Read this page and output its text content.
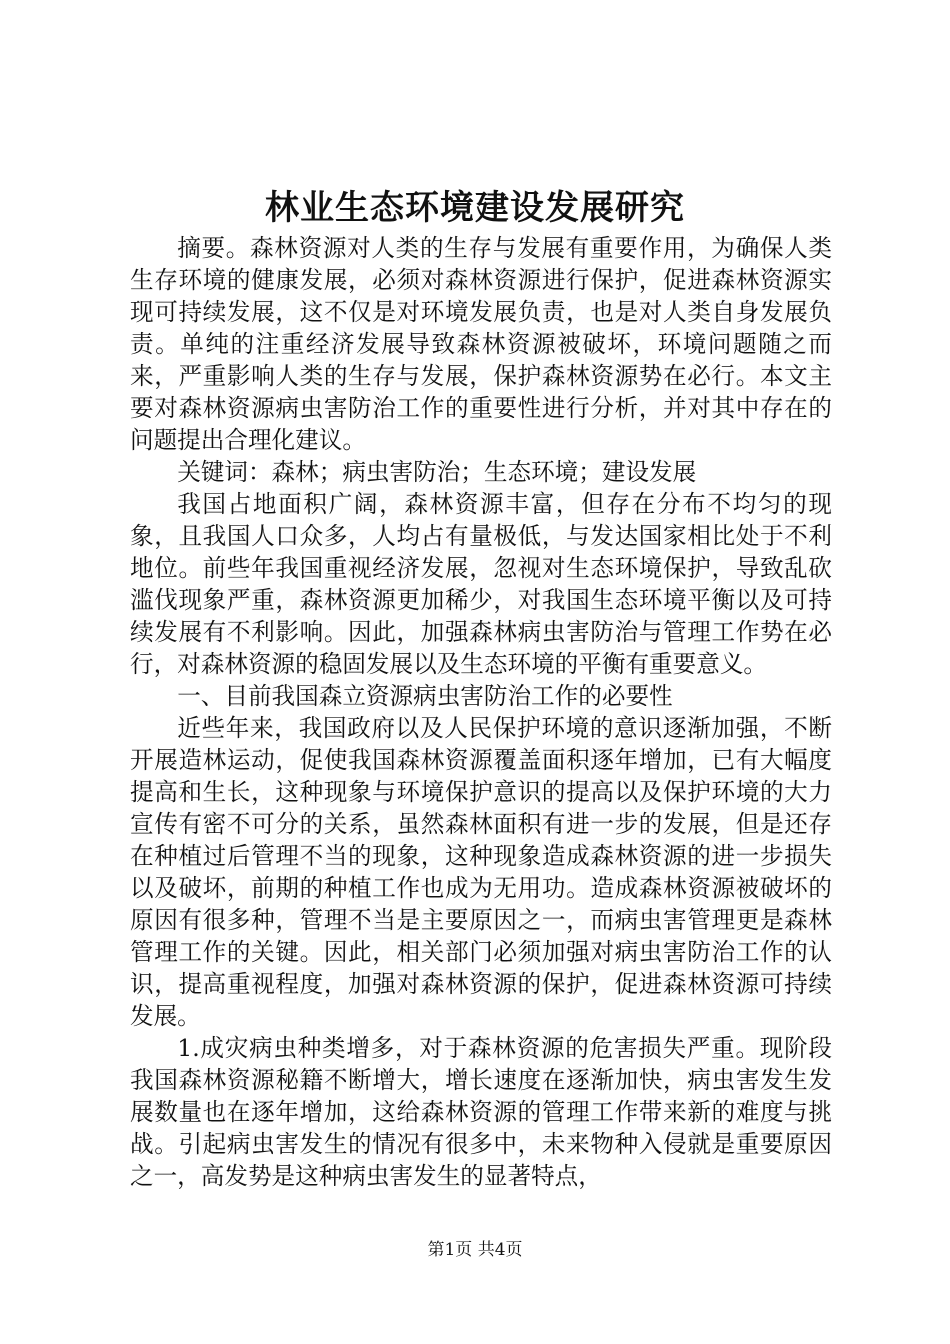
林业生态环境建设发展研究

摘要。森林资源对人类的生存与发展有重要作用，为确保人类生存环境的健康发展，必须对森林资源进行保护，促进森林资源实现可持续发展，这不仅是对环境发展负责，也是对人类自身发展负责。单纯的注重经济发展导致森林资源被破坏，环境问题随之而来，严重影响人类的生存与发展，保护森林资源势在必行。本文主要对森林资源病虫害防治工作的重要性进行分析，并对其中存在的问题提出合理化建议。

关键词：森林；病虫害防治；生态环境；建设发展

我国占地面积广阔，森林资源丰富，但存在分布不均匀的现象，且我国人口众多，人均占有量极低，与发达国家相比处于不利地位。前些年我国重视经济发展，忽视对生态环境保护，导致乱砍滥伐现象严重，森林资源更加稀少，对我国生态环境平衡以及可持续发展有不利影响。因此，加强森林病虫害防治与管理工作势在必行，对森林资源的稳固发展以及生态环境的平衡有重要意义。

一、目前我国森立资源病虫害防治工作的必要性

近些年来，我国政府以及人民保护环境的意识逐渐加强，不断开展造林运动，促使我国森林资源覆盖面积逐年增加，已有大幅度提高和生长，这种现象与环境保护意识的提高以及保护环境的大力宣传有密不可分的关系，虽然森林面积有进一步的发展，但是还存在种植过后管理不当的现象，这种现象造成森林资源的进一步损失以及破坏，前期的种植工作也成为无用功。造成森林资源被破坏的原因有很多种，管理不当是主要原因之一，而病虫害管理更是森林管理工作的关键。因此，相关部门必须加强对病虫害防治工作的认识，提高重视程度，加强对森林资源的保护，促进森林资源可持续发展。

1.成灾病虫种类增多，对于森林资源的危害损失严重。现阶段我国森林资源秘籍不断增大，增长速度在逐渐加快，病虫害发生发展数量也在逐年增加，这给森林资源的管理工作带来新的难度与挑战。引起病虫害发生的情况有很多中，未来物种入侵就是重要原因之一，高发势是这种病虫害发生的显著特点，

第1页 共4页
